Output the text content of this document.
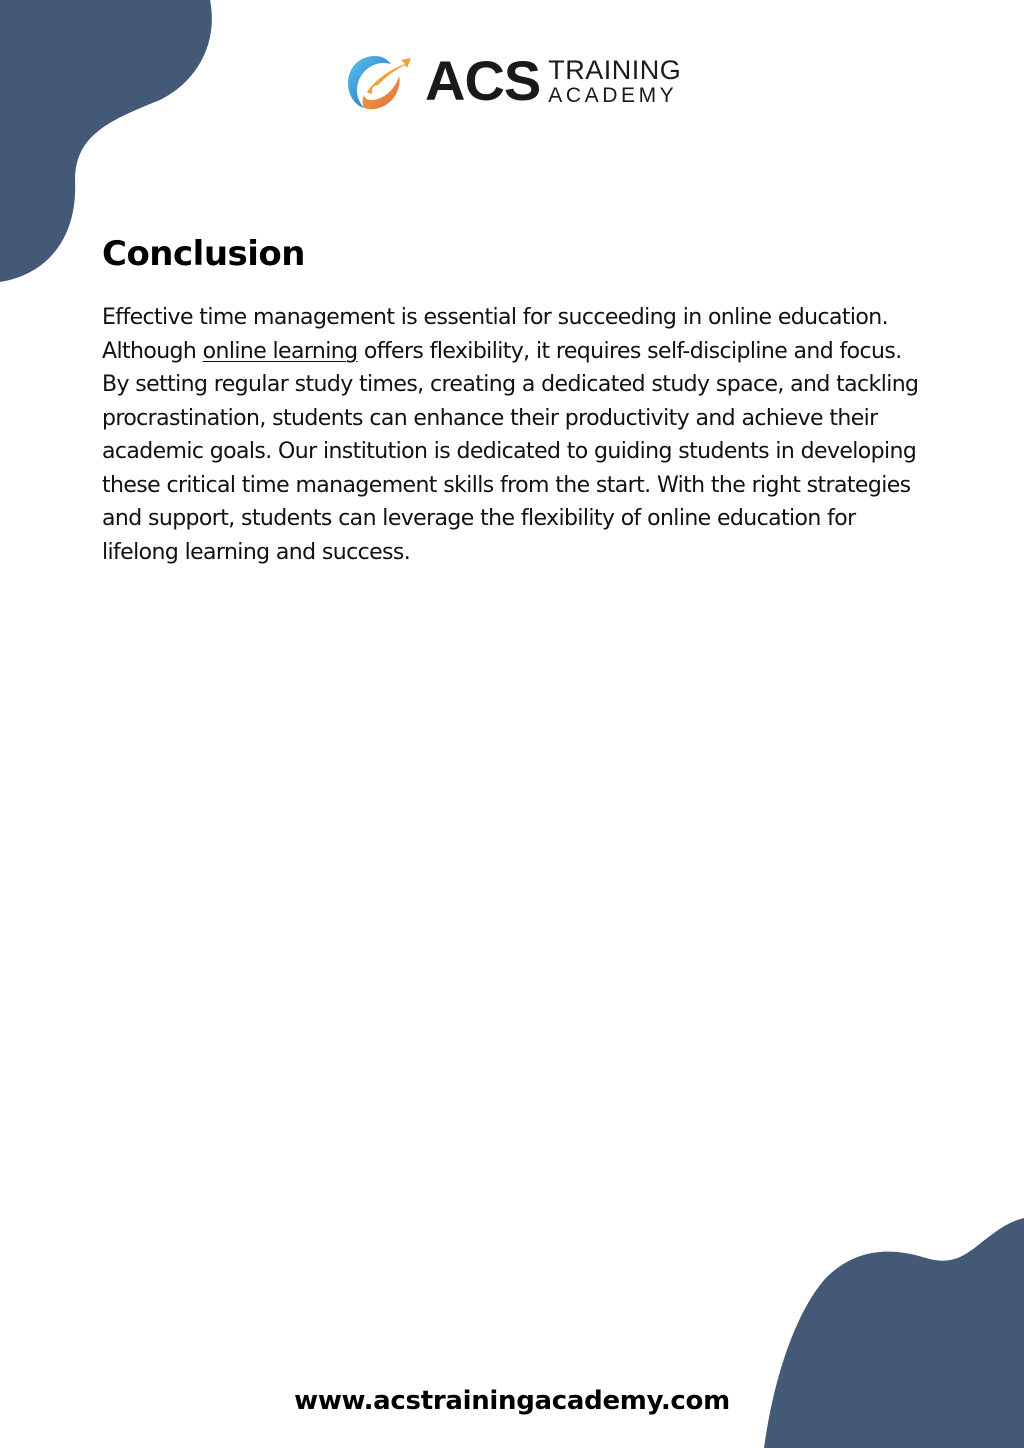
ACS TRAINING
ACADEMY
Conclusion

Effective time management is essential for succeeding in online education. Although online learning offers flexibility, it requires self-discipline and focus. By setting regular study times, creating a dedicated study space, and tackling procrastination, students can enhance their productivity and achieve their academic goals. Our institution is dedicated to guiding students in developing these critical time management skills from the start. With the right strategies and support, students can leverage the flexibility of online education for lifelong learning and success.

www.acstrainingacademy.com
